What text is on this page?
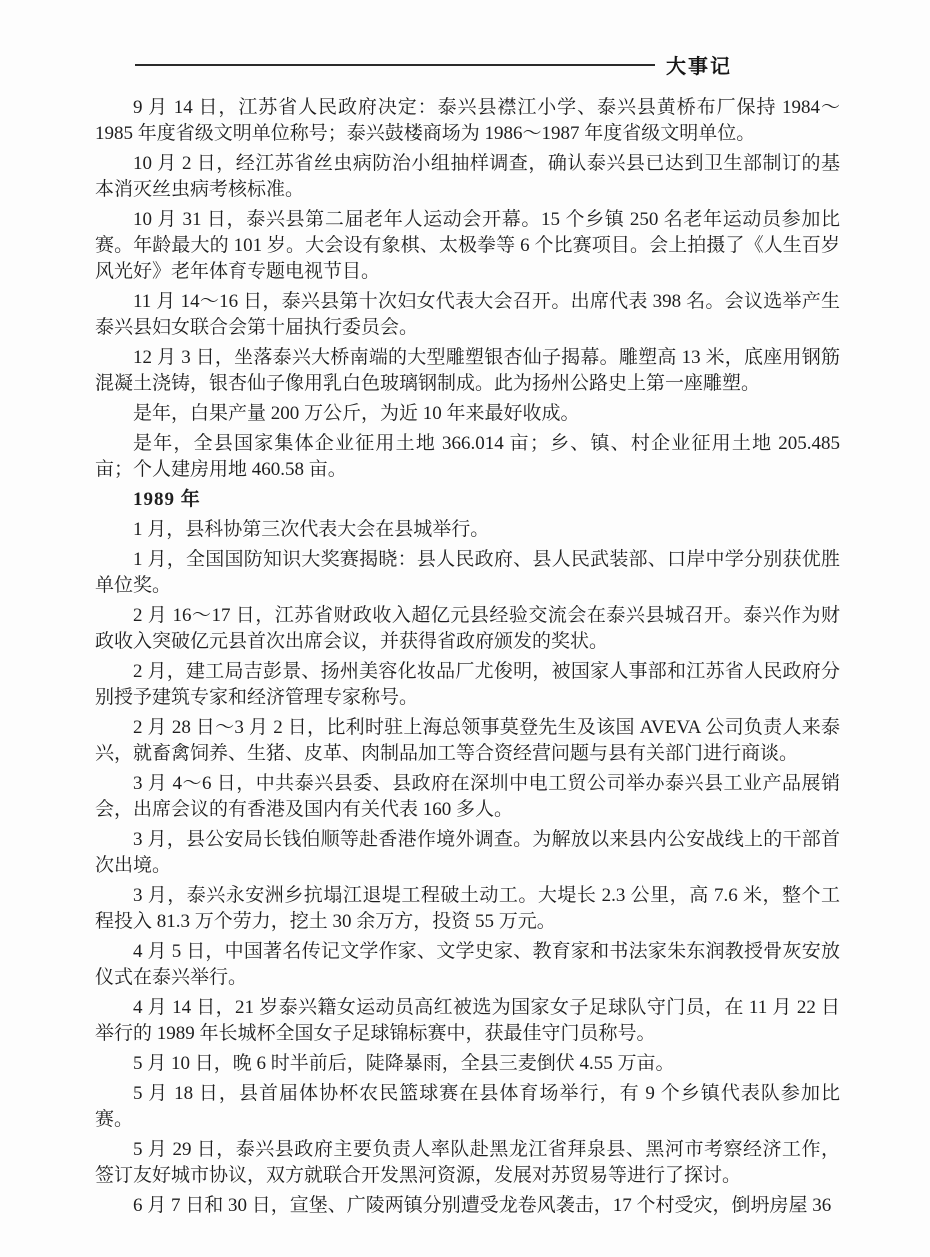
大事记

9 月 14 日，江苏省人民政府决定：泰兴县襟江小学、泰兴县黄桥布厂保持 1984～1985 年度省级文明单位称号；泰兴鼓楼商场为 1986～1987 年度省级文明单位。

10 月 2 日，经江苏省丝虫病防治小组抽样调查，确认泰兴县已达到卫生部制订的基本消灭丝虫病考核标准。

10 月 31 日，泰兴县第二届老年人运动会开幕。15 个乡镇 250 名老年运动员参加比赛。年龄最大的 101 岁。大会设有象棋、太极拳等 6 个比赛项目。会上拍摄了《人生百岁风光好》老年体育专题电视节目。

11 月 14～16 日，泰兴县第十次妇女代表大会召开。出席代表 398 名。会议选举产生泰兴县妇女联合会第十届执行委员会。

12 月 3 日，坐落泰兴大桥南端的大型雕塑银杏仙子揭幕。雕塑高 13 米，底座用钢筋混凝土浇铸，银杏仙子像用乳白色玻璃钢制成。此为扬州公路史上第一座雕塑。

是年，白果产量 200 万公斤，为近 10 年来最好收成。

是年，全县国家集体企业征用土地 366.014 亩；乡、镇、村企业征用土地 205.485 亩；个人建房用地 460.58 亩。

1989 年

1 月，县科协第三次代表大会在县城举行。

1 月，全国国防知识大奖赛揭晓：县人民政府、县人民武装部、口岸中学分别获优胜单位奖。

2 月 16～17 日，江苏省财政收入超亿元县经验交流会在泰兴县城召开。泰兴作为财政收入突破亿元县首次出席会议，并获得省政府颁发的奖状。

2 月，建工局吉彭景、扬州美容化妆品厂尤俊明，被国家人事部和江苏省人民政府分别授予建筑专家和经济管理专家称号。

2 月 28 日～3 月 2 日，比利时驻上海总领事莫登先生及该国 AVEVA 公司负责人来泰兴，就畜禽饲养、生猪、皮革、肉制品加工等合资经营问题与县有关部门进行商谈。

3 月 4～6 日，中共泰兴县委、县政府在深圳中电工贸公司举办泰兴县工业产品展销会，出席会议的有香港及国内有关代表 160 多人。

3 月，县公安局长钱伯顺等赴香港作境外调查。为解放以来县内公安战线上的干部首次出境。

3 月，泰兴永安洲乡抗塌江退堤工程破土动工。大堤长 2.3 公里，高 7.6 米，整个工程投入 81.3 万个劳力，挖土 30 余万方，投资 55 万元。

4 月 5 日，中国著名传记文学作家、文学史家、教育家和书法家朱东润教授骨灰安放仪式在泰兴举行。

4 月 14 日，21 岁泰兴籍女运动员高红被选为国家女子足球队守门员，在 11 月 22 日举行的 1989 年长城杯全国女子足球锦标赛中，获最佳守门员称号。

5 月 10 日，晚 6 时半前后，陡降暴雨，全县三麦倒伏 4.55 万亩。

5 月 18 日，县首届体协杯农民篮球赛在县体育场举行，有 9 个乡镇代表队参加比赛。

5 月 29 日，泰兴县政府主要负责人率队赴黑龙江省拜泉县、黑河市考察经济工作，签订友好城市协议，双方就联合开发黑河资源，发展对苏贸易等进行了探讨。

6 月 7 日和 30 日，宣堡、广陵两镇分别遭受龙卷风袭击，17 个村受灾，倒坍房屋 36
